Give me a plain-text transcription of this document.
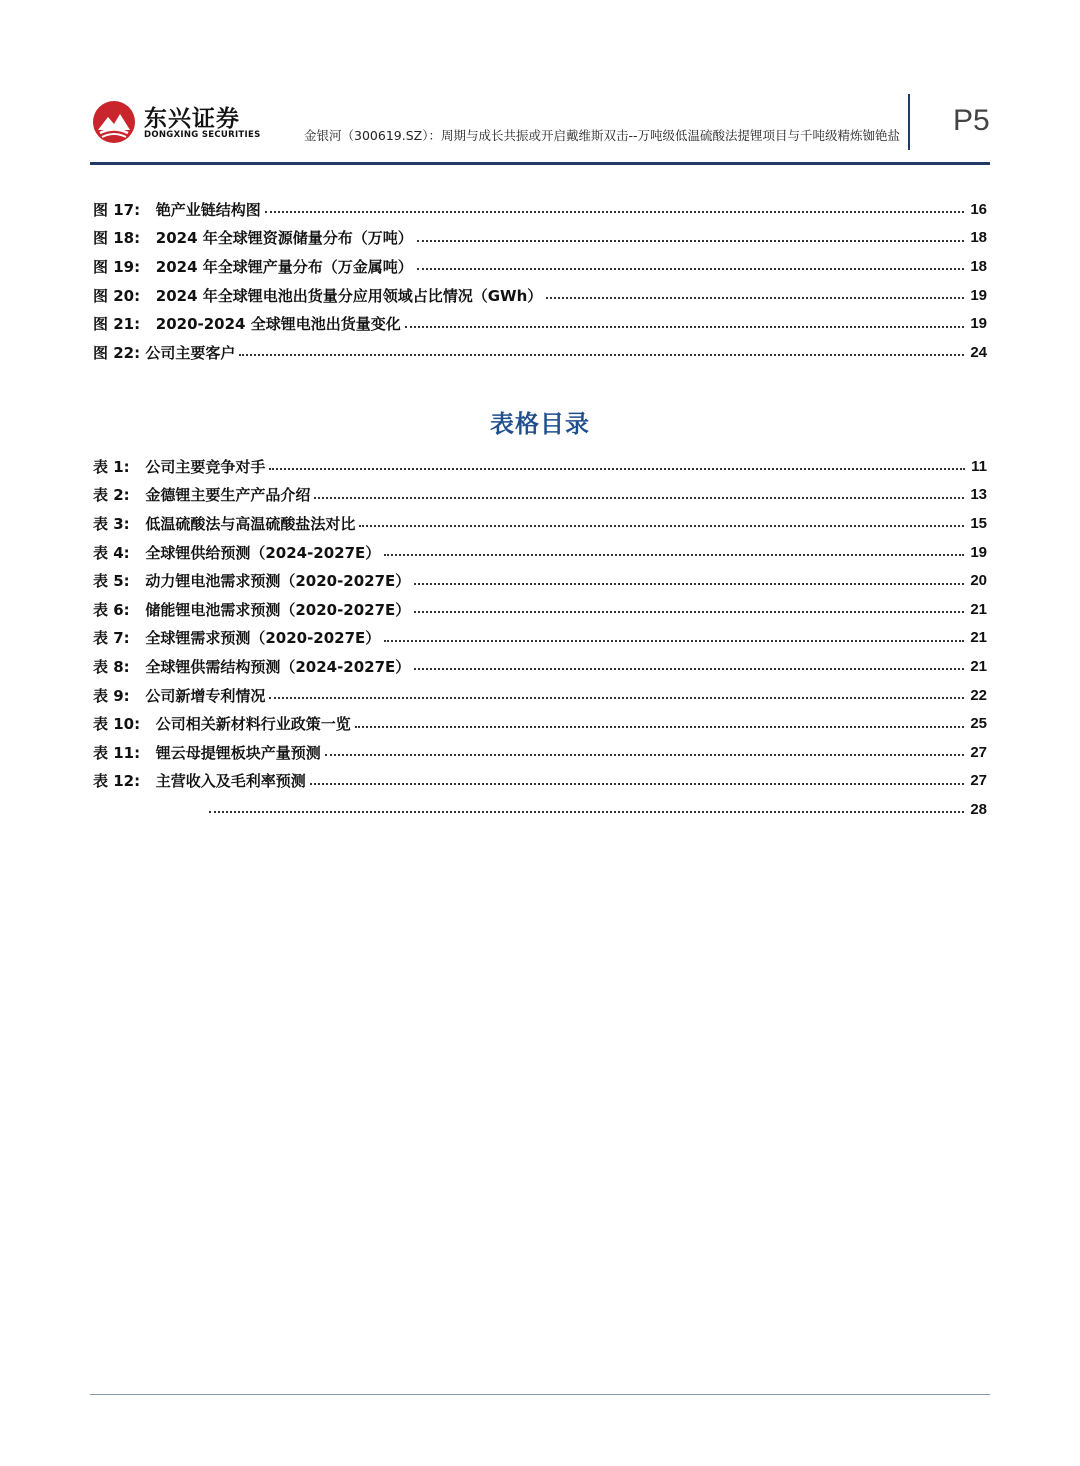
东兴证券
DONGXING SECURITIES	金银河（300619.SZ）：周期与成长共振或开启戴维斯双击--万吨级低温硫酸法提锂项目与千吨级精炼铷铯盐 P5
图 17:   铯产业链结构图	16
图 18:   2024 年全球锂资源储量分布（万吨）	18
图 19:   2024 年全球锂产量分布（万金属吨）	18
图 20:   2024 年全球锂电池出货量分应用领域占比情况（GWh）	19
图 21:   2020-2024 全球锂电池出货量变化	19
图 22: 公司主要客户	24
表格目录
表 1:   公司主要竞争对手	11
表 2:   金德锂主要生产产品介绍	13
表 3:   低温硫酸法与高温硫酸盐法对比	15
表 4:   全球锂供给预测（2024-2027E）	19
表 5:   动力锂电池需求预测（2020-2027E）	20
表 6:   储能锂电池需求预测（2020-2027E）	21
表 7:   全球锂需求预测（2020-2027E）	21
表 8:   全球锂供需结构预测（2024-2027E）	21
表 9:   公司新增专利情况	22
表 10:   公司相关新材料行业政策一览	25
表 11:   锂云母提锂板块产量预测	27
表 12:   主营收入及毛利率预测	27
28
